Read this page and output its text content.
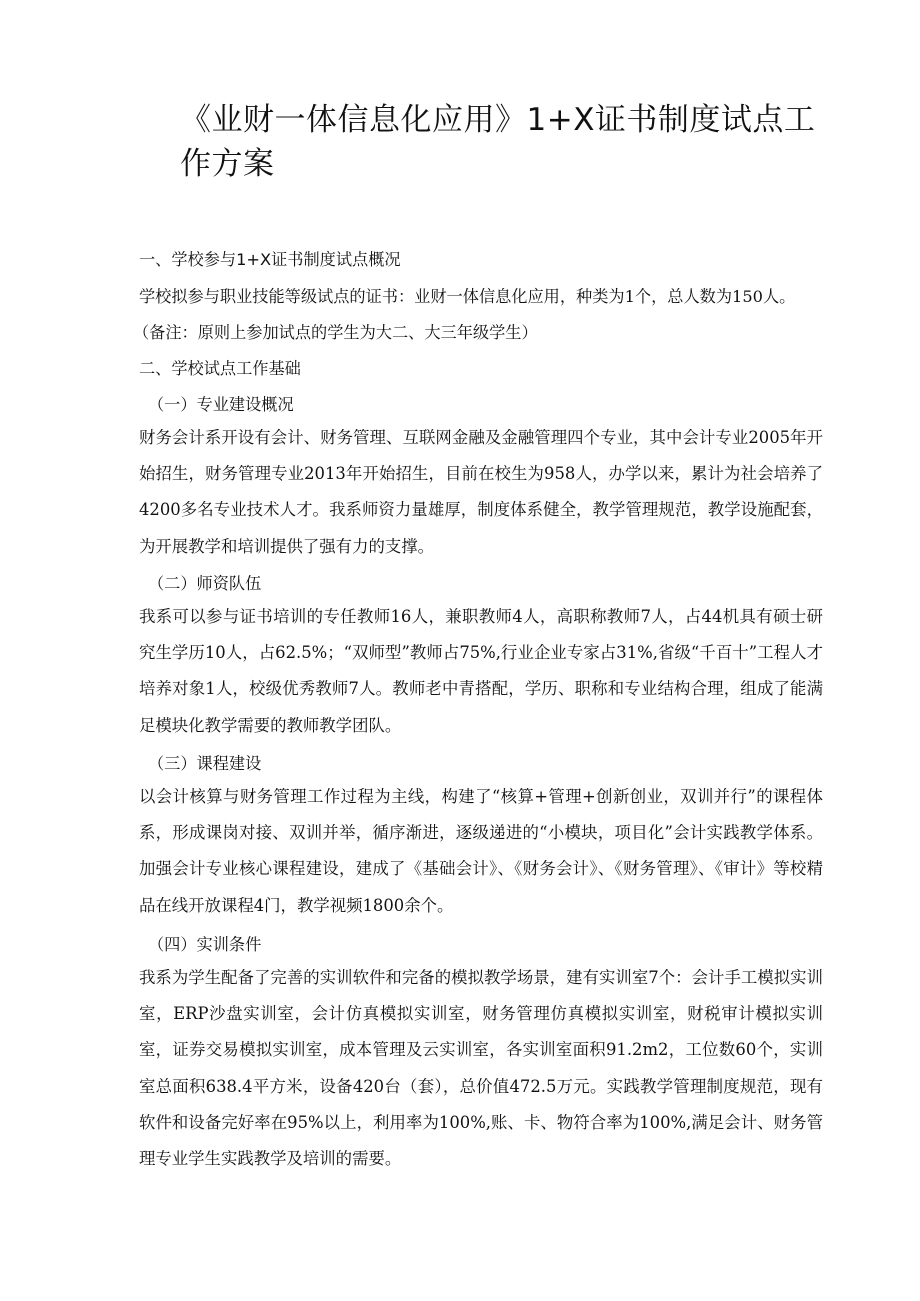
《业财一体信息化应用》1+X证书制度试点工作方案
一、学校参与1+X证书制度试点概况
学校拟参与职业技能等级试点的证书：业财一体信息化应用，种类为1个，总人数为150人。
（备注：原则上参加试点的学生为大二、大三年级学生）
二、学校试点工作基础
（一）专业建设概况
财务会计系开设有会计、财务管理、互联网金融及金融管理四个专业，其中会计专业2005年开始招生，财务管理专业2013年开始招生，目前在校生为958人，办学以来，累计为社会培养了4200多名专业技术人才。我系师资力量雄厚，制度体系健全，教学管理规范，教学设施配套，为开展教学和培训提供了强有力的支撑。
（二）师资队伍
我系可以参与证书培训的专任教师16人，兼职教师4人，高职称教师7人，占44机具有硕士研究生学历10人，占62.5%；“双师型”教师占75%,行业企业专家占31%,省级“千百十”工程人才培养对象1人，校级优秀教师7人。教师老中青搭配，学历、职称和专业结构合理，组成了能满足模块化教学需要的教师教学团队。
（三）课程建设
以会计核算与财务管理工作过程为主线，构建了“核算+管理+创新创业，双训并行”的课程体系，形成课岗对接、双训并举，循序渐进，逐级递进的“小模块，项目化”会计实践教学体系。加强会计专业核心课程建设，建成了《基础会计》、《财务会计》、《财务管理》、《审计》等校精品在线开放课程4门，教学视频1800余个。
（四）实训条件
我系为学生配备了完善的实训软件和完备的模拟教学场景，建有实训室7个：会计手工模拟实训室，ERP沙盘实训室，会计仿真模拟实训室，财务管理仿真模拟实训室，财税审计模拟实训室，证券交易模拟实训室，成本管理及云实训室，各实训室面积91.2m2，工位数60个，实训室总面积638.4平方米，设备420台（套），总价值472.5万元。实践教学管理制度规范，现有软件和设备完好率在95%以上，利用率为100%,账、卡、物符合率为100%,满足会计、财务管理专业学生实践教学及培训的需要。
